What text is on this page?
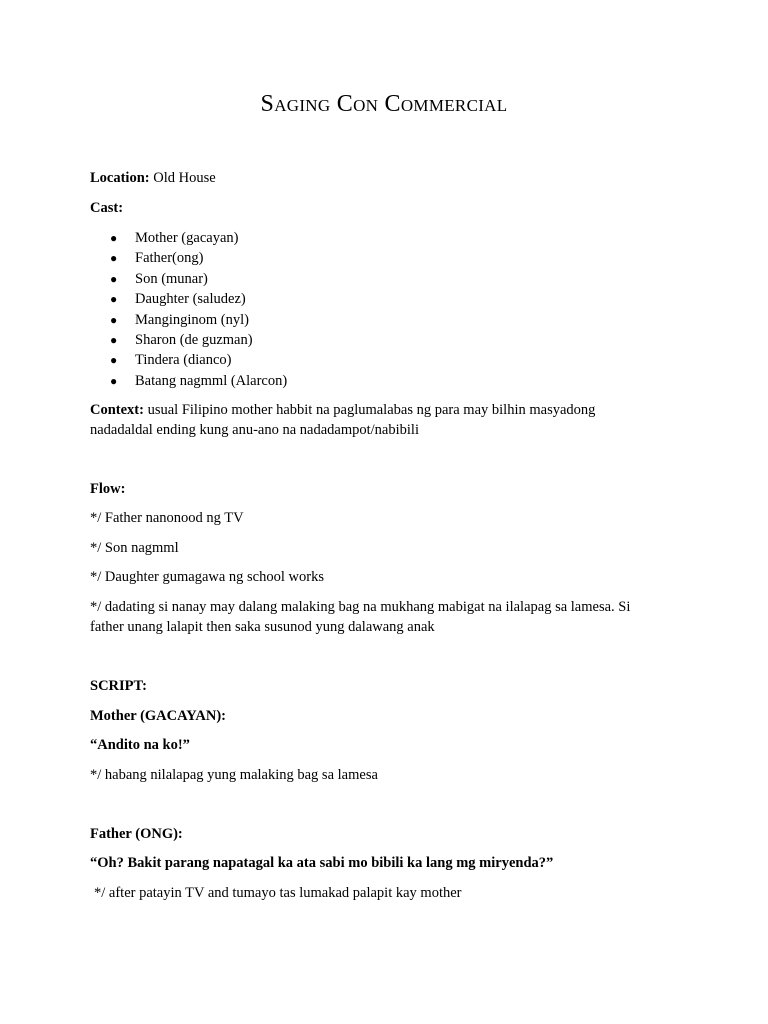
Saging Con Commercial
Location: Old House
Cast:
● Mother (gacayan)
● Father(ong)
● Son (munar)
● Daughter (saludez)
● Manginginom (nyl)
● Sharon (de guzman)
● Tindera (dianco)
● Batang nagmml (Alarcon)
Context: usual Filipino mother habbit na paglumalabas ng para may bilhin masyadong nadadaldal ending kung anu-ano na nadadampot/nabibili
Flow:
*/ Father nanonood ng TV
*/ Son nagmml
*/ Daughter gumagawa ng school works
*/ dadating si nanay may dalang malaking bag na mukhang mabigat na ilalapag sa lamesa. Si father unang lalapit then saka susunod yung dalawang anak
SCRIPT:
Mother (GACAYAN):
“Andito na ko!”
*/ habang nilalapag yung malaking bag sa lamesa
Father (ONG):
“Oh? Bakit parang napatagal ka ata sabi mo bibili ka lang mg miryenda?”
*/ after patayin TV and tumayo tas lumakad palapit kay mother
